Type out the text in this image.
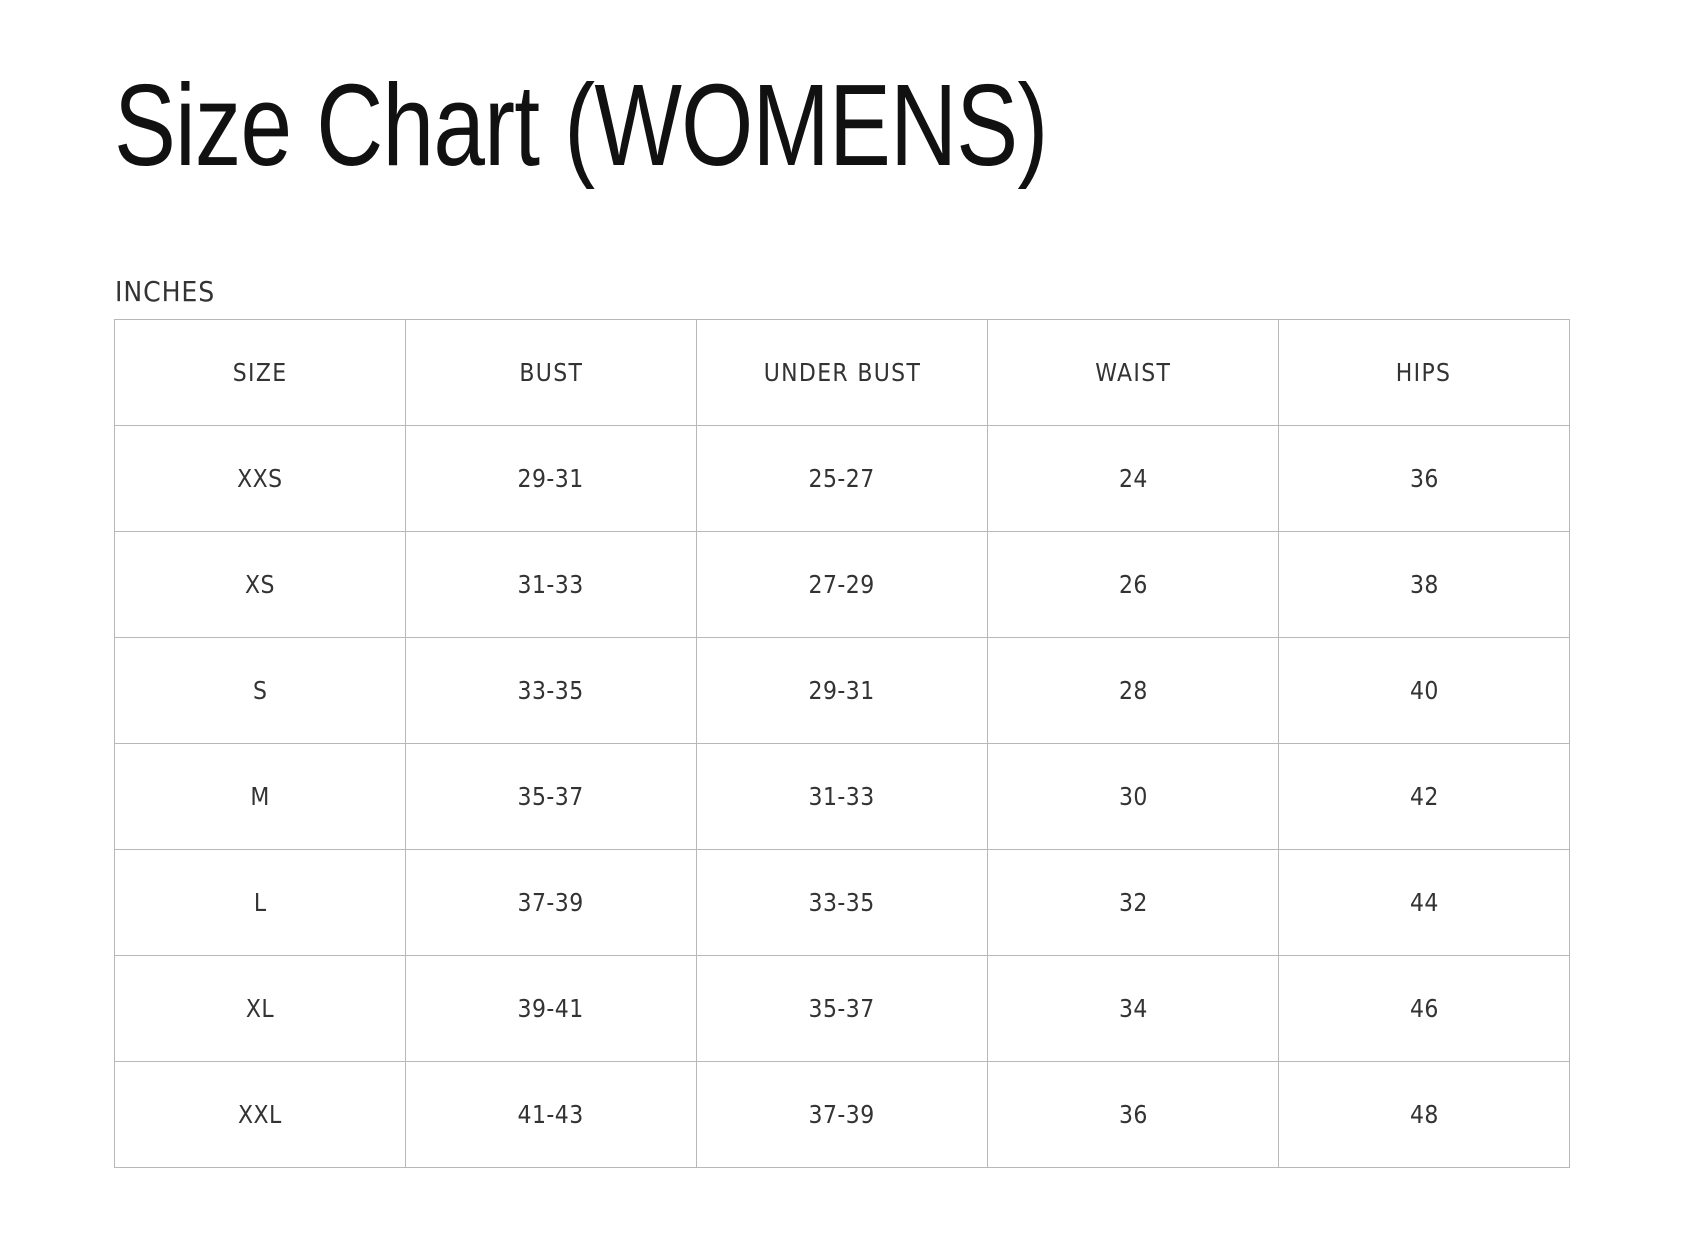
Size Chart (WOMENS)
INCHES
SIZE	BUST	UNDER BUST	WAIST	HIPS
XXS	29-31	25-27	24	36
XS	31-33	27-29	26	38
S	33-35	29-31	28	40
M	35-37	31-33	30	42
L	37-39	33-35	32	44
XL	39-41	35-37	34	46
XXL	41-43	37-39	36	48
